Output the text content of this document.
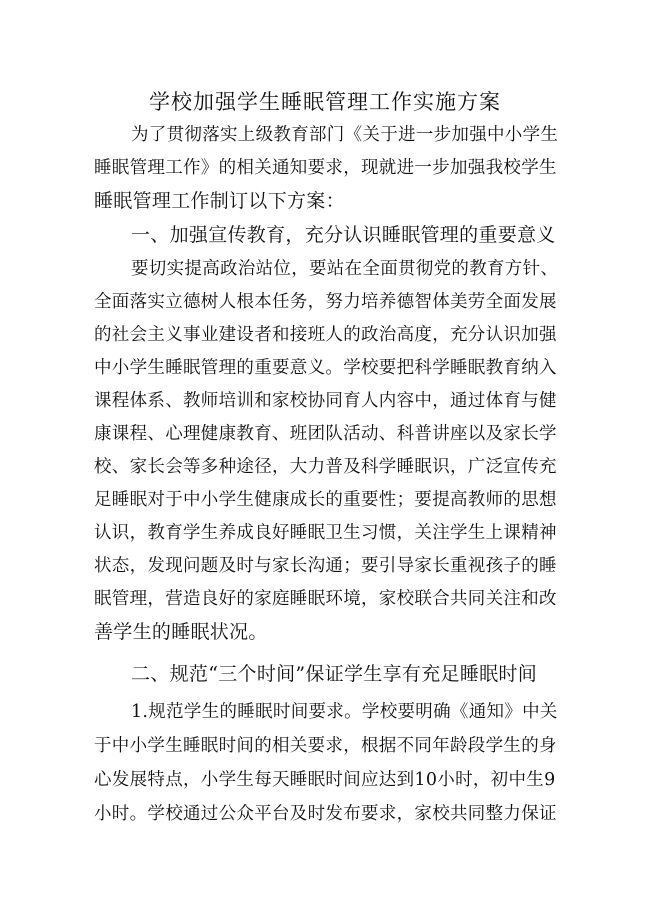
学校加强学生睡眠管理工作实施方案
为了贯彻落实上级教育部门《关于进一步加强中小学生
睡眠管理工作》的相关通知要求，现就进一步加强我校学生
睡眠管理工作制订以下方案：
一、加强宣传教育，充分认识睡眠管理的重要意义
要切实提高政治站位，要站在全面贯彻党的教育方针、
全面落实立德树人根本任务，努力培养德智体美劳全面发展
的社会主义事业建设者和接班人的政治高度，充分认识加强
中小学生睡眠管理的重要意义。学校要把科学睡眠教育纳入
课程体系、教师培训和家校协同育人内容中，通过体育与健
康课程、心理健康教育、班团队活动、科普讲座以及家长学
校、家长会等多种途径，大力普及科学睡眠识，广泛宣传充
足睡眠对于中小学生健康成长的重要性；要提高教师的思想
认识，教育学生养成良好睡眠卫生习惯，关注学生上课精神
状态，发现问题及时与家长沟通；要引导家长重视孩子的睡
眠管理，营造良好的家庭睡眠环境，家校联合共同关注和改
善学生的睡眠状况。
二、规范“三个时间”保证学生享有充足睡眠时间
1.规范学生的睡眠时间要求。学校要明确《通知》中关
于中小学生睡眠时间的相关要求，根据不同年龄段学生的身
心发展特点，小学生每天睡眠时间应达到10小时，初中生9
小时。学校通过公众平台及时发布要求，家校共同整力保证
